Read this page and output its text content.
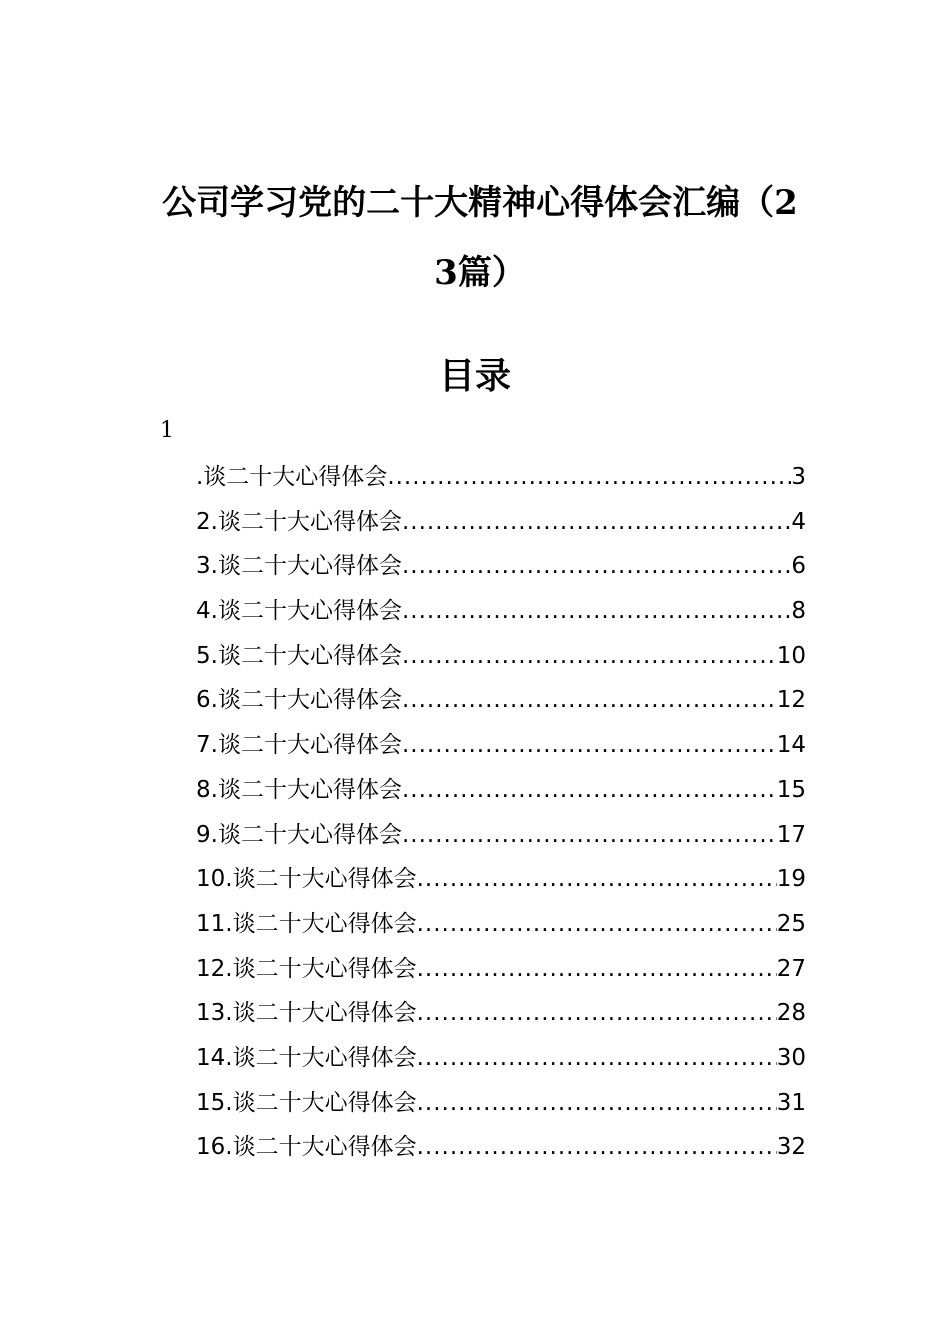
公司学习党的二十大精神心得体会汇编（2
3篇）
目录
1
.谈二十大心得体会 .....	3
2.谈二十大心得体会 .....	4
3.谈二十大心得体会 .....	6
4.谈二十大心得体会 .....	8
5.谈二十大心得体会 .....	10
6.谈二十大心得体会 .....	12
7.谈二十大心得体会 .....	14
8.谈二十大心得体会 .....	15
9.谈二十大心得体会 .....	17
10.谈二十大心得体会 .....	19
11.谈二十大心得体会 .....	25
12.谈二十大心得体会 .....	27
13.谈二十大心得体会 .....	28
14.谈二十大心得体会 .....	30
15.谈二十大心得体会 .....	31
16.谈二十大心得体会 .....	32
